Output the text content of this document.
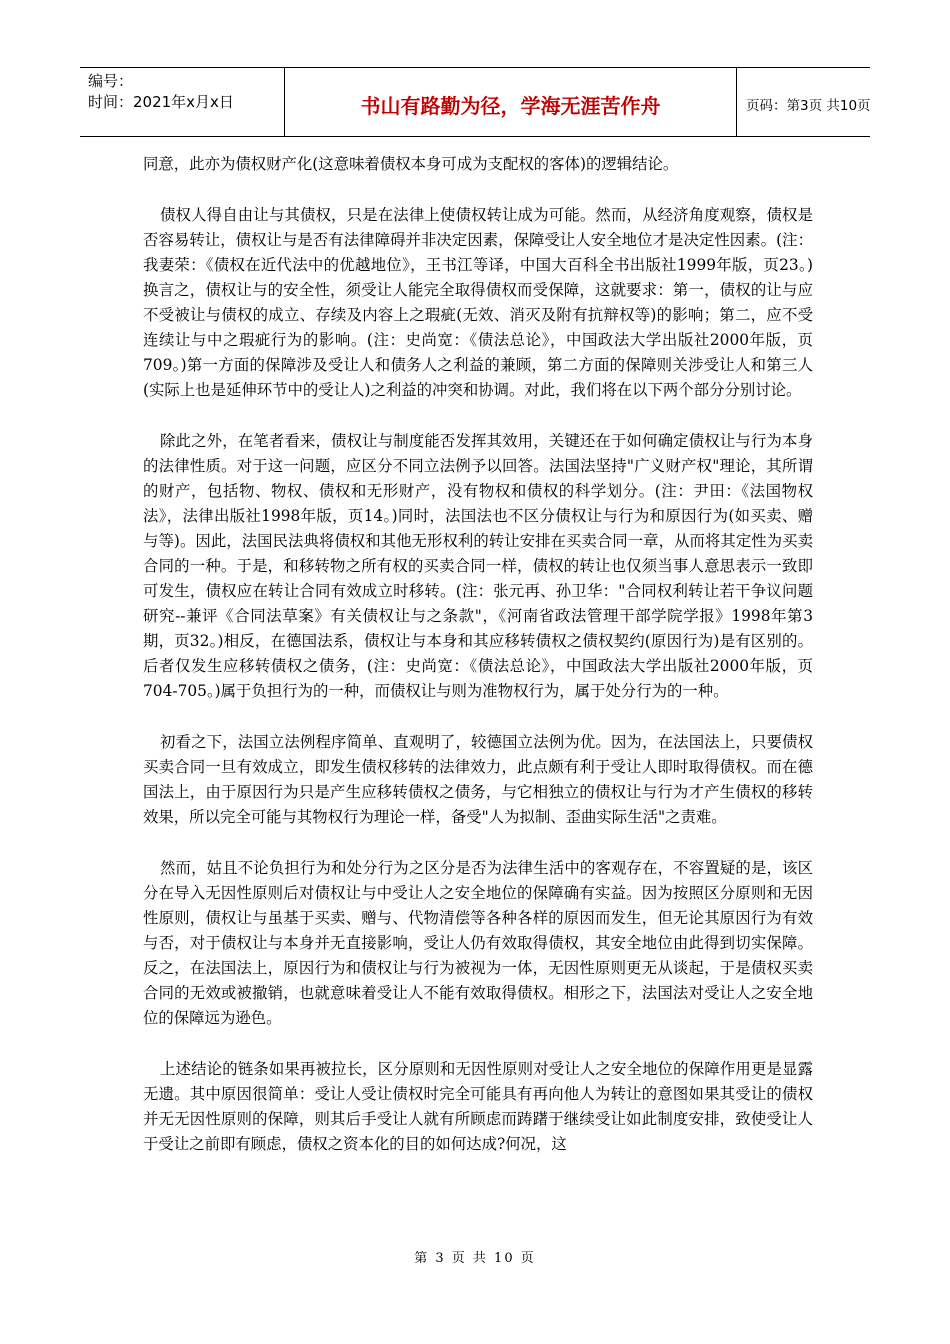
编号：
时间：2021年x月x日	书山有路勤为径，学海无涯苦作舟	页码：第3页 共10页

同意，此亦为债权财产化(这意味着债权本身可成为支配权的客体)的逻辑结论。

债权人得自由让与其债权，只是在法律上使债权转让成为可能。然而，从经济角度观察，债权是否容易转让，债权让与是否有法律障碍并非决定因素，保障受让人安全地位才是决定性因素。(注：我妻荣：《债权在近代法中的优越地位》，王书江等译，中国大百科全书出版社1999年版，页23。)换言之，债权让与的安全性，须受让人能完全取得债权而受保障，这就要求：第一，债权的让与应不受被让与债权的成立、存续及内容上之瑕疵(无效、消灭及附有抗辩权等)的影响；第二，应不受连续让与中之瑕疵行为的影响。(注：史尚宽：《债法总论》，中国政法大学出版社2000年版，页709。)第一方面的保障涉及受让人和债务人之利益的兼顾，第二方面的保障则关涉受让人和第三人(实际上也是延伸环节中的受让人)之利益的冲突和协调。对此，我们将在以下两个部分分别讨论。

除此之外，在笔者看来，债权让与制度能否发挥其效用，关键还在于如何确定债权让与行为本身的法律性质。对于这一问题，应区分不同立法例予以回答。法国法坚持"广义财产权"理论，其所谓的财产，包括物、物权、债权和无形财产，没有物权和债权的科学划分。(注：尹田：《法国物权法》，法律出版社1998年版，页14。)同时，法国法也不区分债权让与行为和原因行为(如买卖、赠与等)。因此，法国民法典将债权和其他无形权利的转让安排在买卖合同一章，从而将其定性为买卖合同的一种。于是，和移转物之所有权的买卖合同一样，债权的转让也仅须当事人意思表示一致即可发生，债权应在转让合同有效成立时移转。(注：张元再、孙卫华："合同权利转让若干争议问题研究--兼评《合同法草案》有关债权让与之条款"，《河南省政法管理干部学院学报》1998年第3期，页32。)相反，在德国法系，债权让与本身和其应移转债权之债权契约(原因行为)是有区别的。后者仅发生应移转债权之债务，(注：史尚宽：《债法总论》，中国政法大学出版社2000年版，页704-705。)属于负担行为的一种，而债权让与则为准物权行为，属于处分行为的一种。

初看之下，法国立法例程序简单、直观明了，较德国立法例为优。因为，在法国法上，只要债权买卖合同一旦有效成立，即发生债权移转的法律效力，此点颇有利于受让人即时取得债权。而在德国法上，由于原因行为只是产生应移转债权之债务，与它相独立的债权让与行为才产生债权的移转效果，所以完全可能与其物权行为理论一样，备受"人为拟制、歪曲实际生活"之责难。

然而，姑且不论负担行为和处分行为之区分是否为法律生活中的客观存在，不容置疑的是，该区分在导入无因性原则后对债权让与中受让人之安全地位的保障确有实益。因为按照区分原则和无因性原则，债权让与虽基于买卖、赠与、代物清偿等各种各样的原因而发生，但无论其原因行为有效与否，对于债权让与本身并无直接影响，受让人仍有效取得债权，其安全地位由此得到切实保障。反之，在法国法上，原因行为和债权让与行为被视为一体，无因性原则更无从谈起，于是债权买卖合同的无效或被撤销，也就意味着受让人不能有效取得债权。相形之下，法国法对受让人之安全地位的保障远为逊色。

上述结论的链条如果再被拉长，区分原则和无因性原则对受让人之安全地位的保障作用更是显露无遗。其中原因很简单：受让人受让债权时完全可能具有再向他人为转让的意图如果其受让的债权并无无因性原则的保障，则其后手受让人就有所顾虑而踌躇于继续受让如此制度安排，致使受让人于受让之前即有顾虑，债权之资本化的目的如何达成?何况，这

第 3 页 共 10 页
